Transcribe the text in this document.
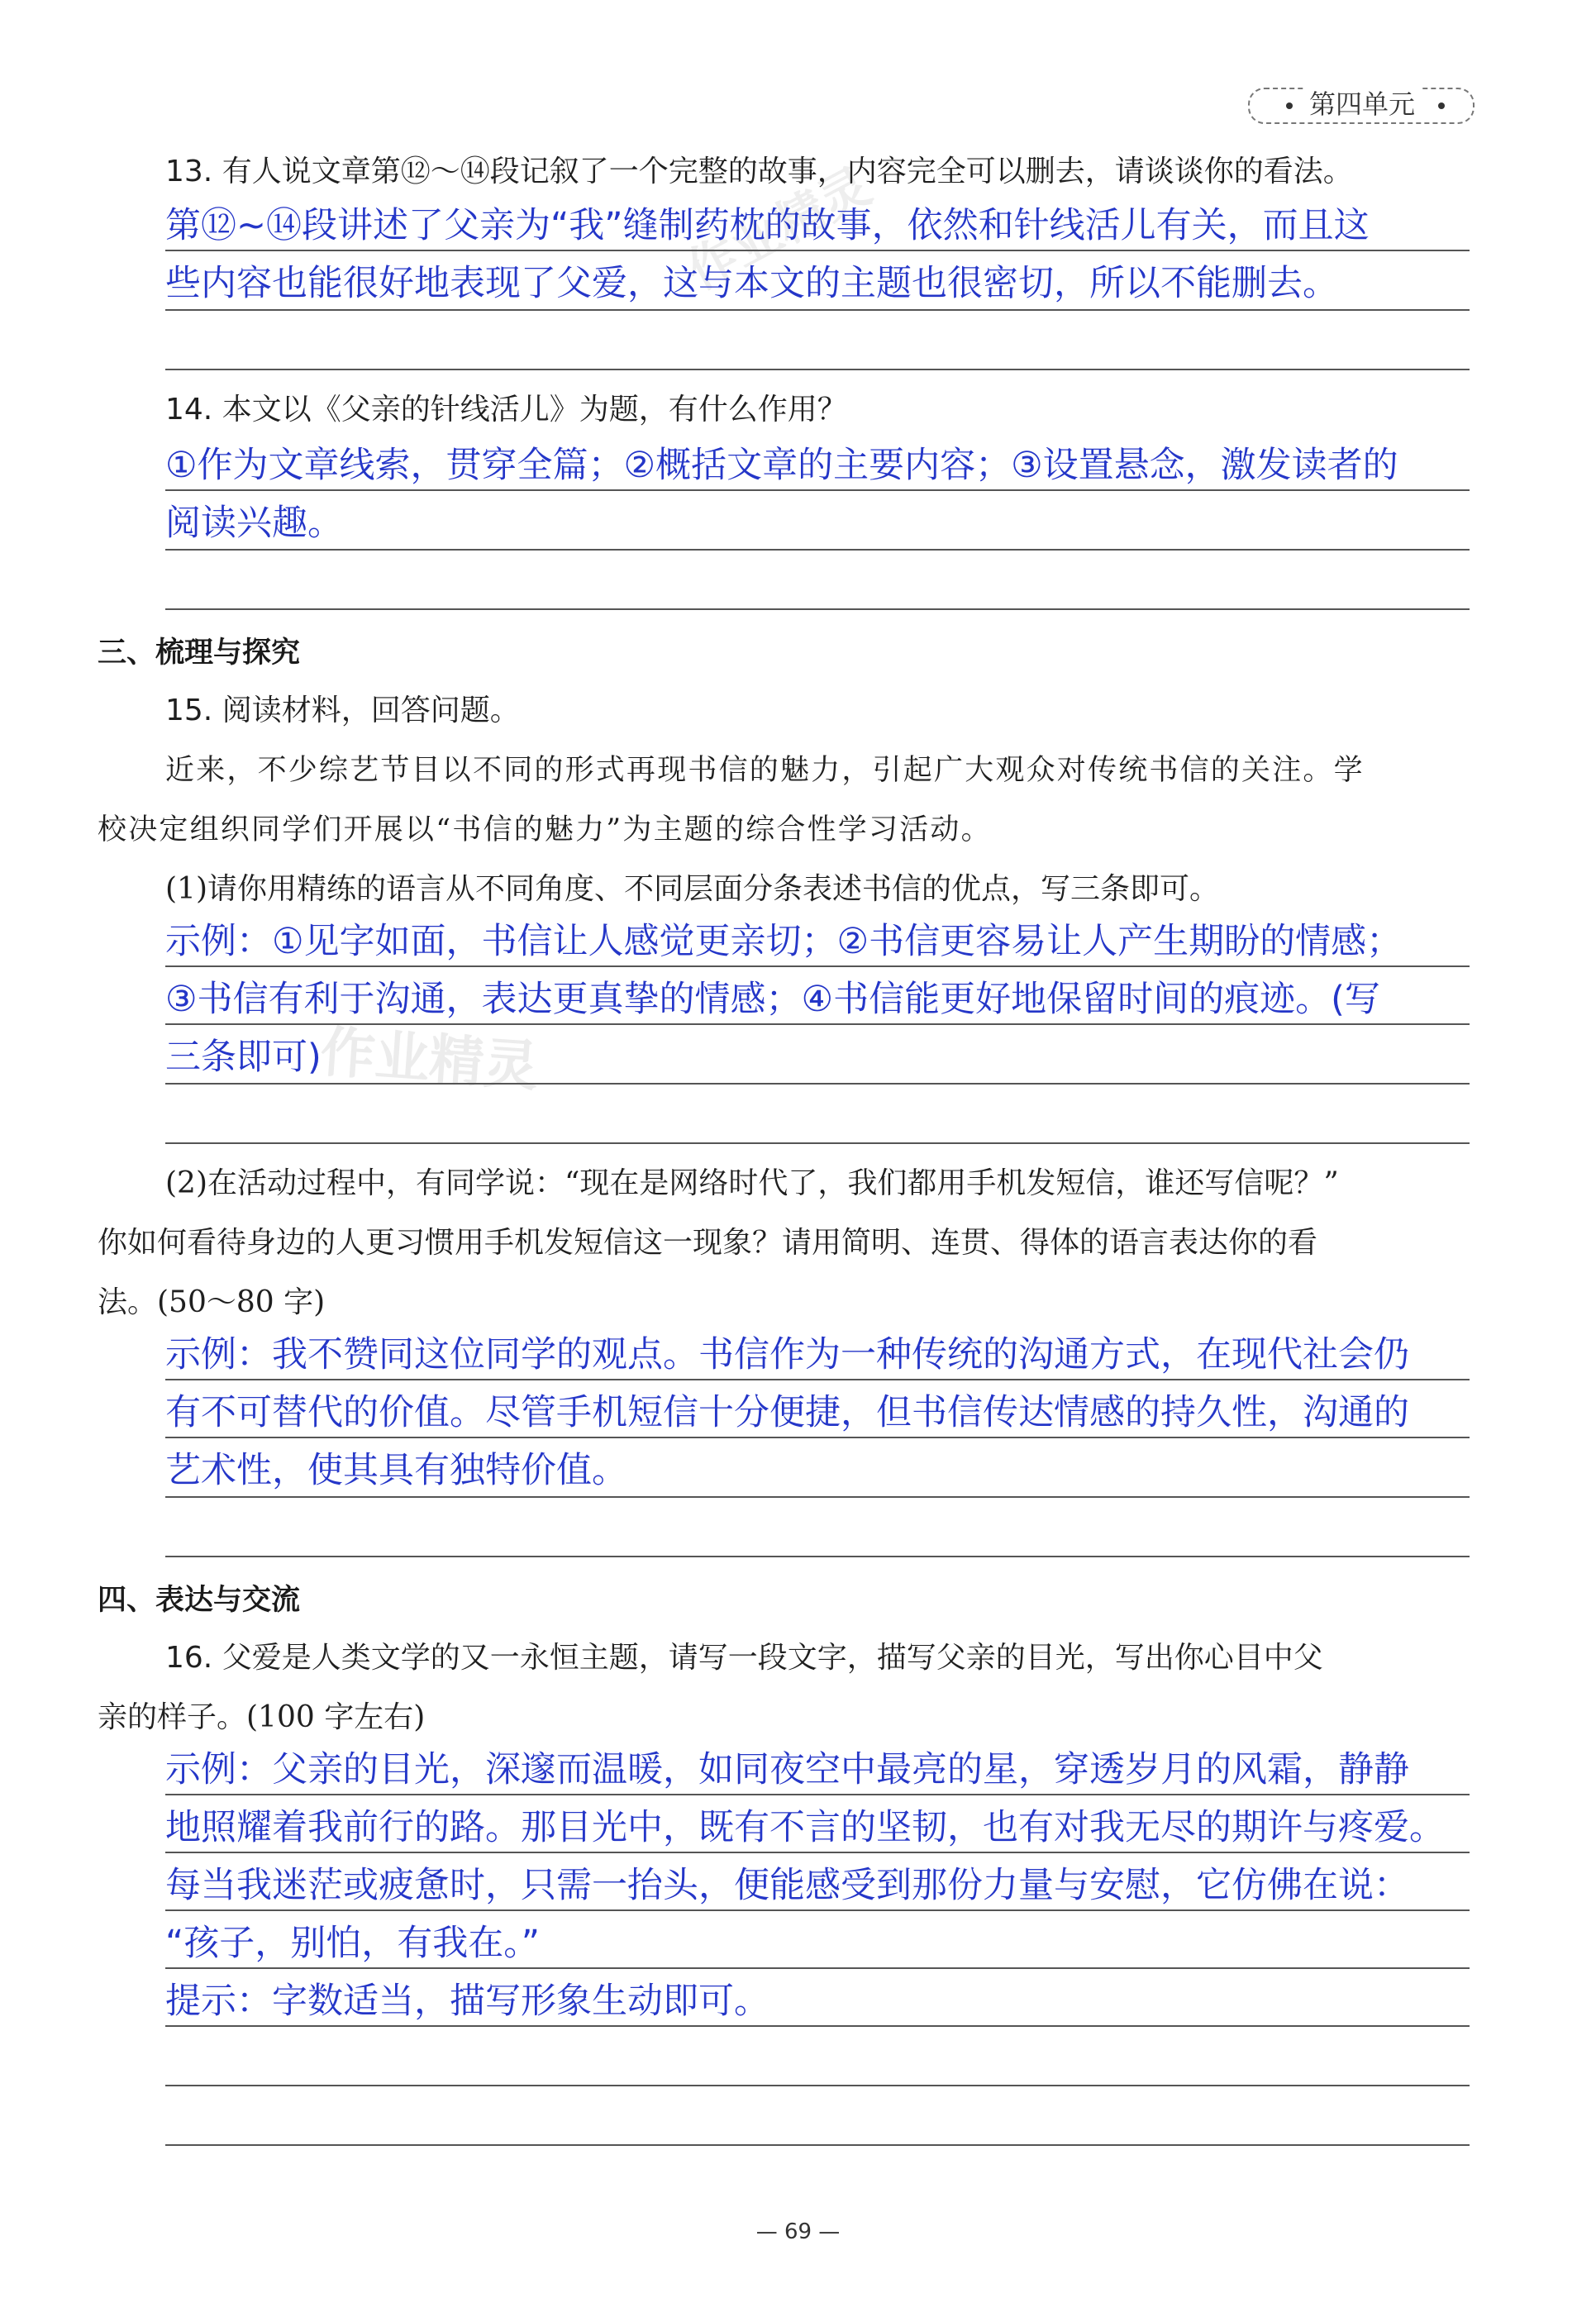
第四单元
作业精灵
作业精灵
13. 有人说文章第⑫～⑭段记叙了一个完整的故事，内容完全可以删去，请谈谈你的看法。
第⑫~⑭段讲述了父亲为“我”缝制药枕的故事，依然和针线活儿有关，而且这
些内容也能很好地表现了父爱，这与本文的主题也很密切，所以不能删去。
14. 本文以《父亲的针线活儿》为题，有什么作用？
①作为文章线索，贯穿全篇；②概括文章的主要内容；③设置悬念，激发读者的
阅读兴趣。
三、梳理与探究
15. 阅读材料，回答问题。
近来，不少综艺节目以不同的形式再现书信的魅力，引起广大观众对传统书信的关注。学
校决定组织同学们开展以“书信的魅力”为主题的综合性学习活动。
(1)请你用精练的语言从不同角度、不同层面分条表述书信的优点，写三条即可。
示例：①见字如面，书信让人感觉更亲切；②书信更容易让人产生期盼的情感；
③书信有利于沟通，表达更真挚的情感；④书信能更好地保留时间的痕迹。(写
三条即可)
(2)在活动过程中，有同学说：“现在是网络时代了，我们都用手机发短信，谁还写信呢？”
你如何看待身边的人更习惯用手机发短信这一现象？请用简明、连贯、得体的语言表达你的看
法。(50～80 字)
示例：我不赞同这位同学的观点。书信作为一种传统的沟通方式，在现代社会仍
有不可替代的价值。尽管手机短信十分便捷，但书信传达情感的持久性，沟通的
艺术性，使其具有独特价值。
四、表达与交流
16. 父爱是人类文学的又一永恒主题，请写一段文字，描写父亲的目光，写出你心目中父
亲的样子。(100 字左右)
示例：父亲的目光，深邃而温暖，如同夜空中最亮的星，穿透岁月的风霜，静静
地照耀着我前行的路。那目光中，既有不言的坚韧，也有对我无尽的期许与疼爱。
每当我迷茫或疲惫时，只需一抬头，便能感受到那份力量与安慰，它仿佛在说：
“孩子，别怕，有我在。”
提示：字数适当，描写形象生动即可。
— 69 —
